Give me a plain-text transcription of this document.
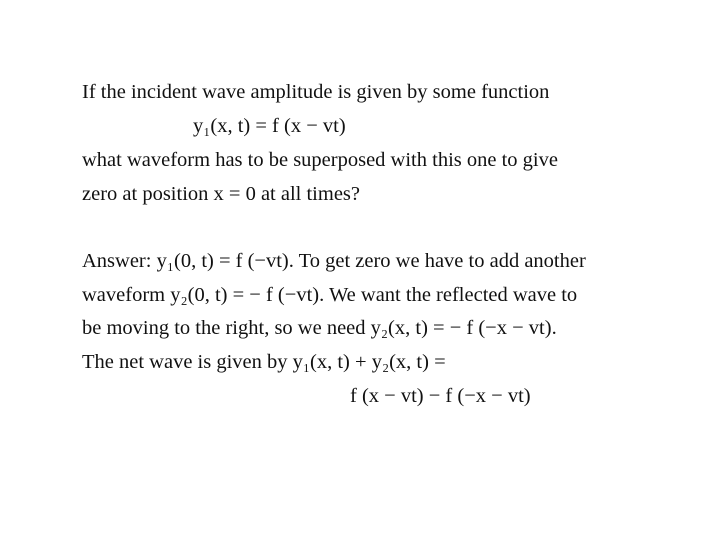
If the incident wave amplitude is given by some function
y₁(x, t) = f (x − vt)
what waveform has to be superposed with this one to give
zero at position x = 0 at all times?
Answer: y₁(0, t) = f (−vt). To get zero we have to add another
waveform y₂(0, t) = − f (−vt). We want the reflected wave to
be moving to the right, so we need y₂(x, t) = − f (−x − vt).
The net wave is given by y₁(x, t) + y₂(x, t) =
f (x − vt) − f (−x − vt)
